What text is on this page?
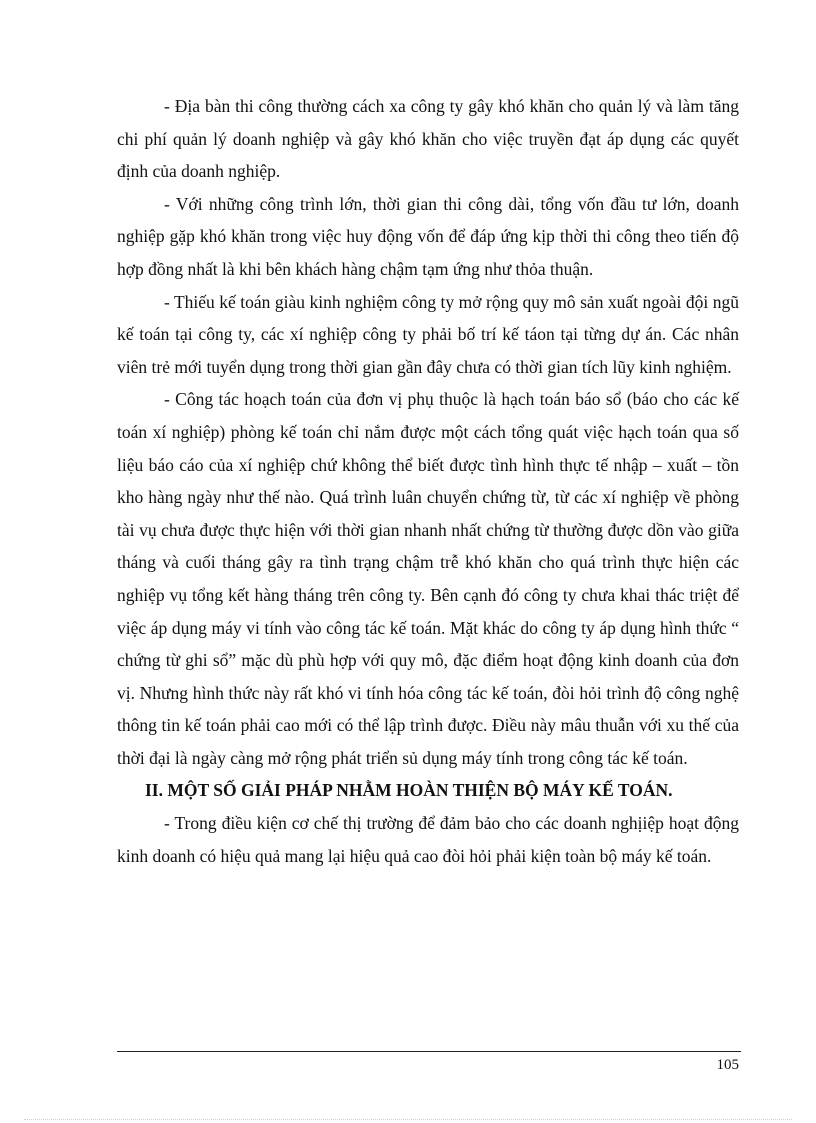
- Địa bàn thi công thường cách xa công ty gây khó khăn cho quản lý và làm tăng chi phí quản lý doanh nghiệp và gây khó khăn cho việc truyền đạt áp dụng các quyết định của doanh nghiệp.

- Với những công trình lớn, thời gian thi công dài, tổng vốn đầu tư lớn, doanh nghiệp gặp khó khăn trong việc huy động vốn để đáp ứng kịp thời thi công theo tiến độ hợp đồng nhất là khi bên khách hàng chậm tạm ứng như thỏa thuận.

- Thiếu kế toán giàu kinh nghiệm công ty mở rộng quy mô sản xuất ngoài đội ngũ kế toán tại công ty, các xí nghiệp công ty phải bố trí kế táon tại từng dự án. Các nhân viên trẻ mới tuyển dụng trong thời gian gần đây chưa có thời gian tích lũy kinh nghiệm.

- Công tác hoạch toán của đơn vị phụ thuộc là hạch toán báo sổ (báo cho các kế toán xí nghiệp) phòng kế toán chỉ nắm được một cách tổng quát việc hạch toán qua số liệu báo cáo của xí nghiệp chứ không thể biết được tình hình thực tế nhập – xuất – tồn kho hàng ngày như thế nào. Quá trình luân chuyển chứng từ, từ các xí nghiệp về phòng tài vụ chưa được thực hiện với thời gian nhanh nhất chứng từ thường được dồn vào giữa tháng và cuối tháng gây ra tình trạng chậm trễ khó khăn cho quá trình thực hiện các nghiệp vụ tổng kết hàng tháng trên công ty. Bên cạnh đó công ty chưa khai thác triệt để việc áp dụng máy vi tính vào công tác kế toán. Mặt khác do công ty áp dụng hình thức “ chứng từ ghi sổ” mặc dù phù hợp với quy mô, đặc điểm hoạt động kinh doanh của đơn vị. Nhưng hình thức này rất khó vi tính hóa công tác kế toán, đòi hỏi trình độ công nghệ thông tin kế toán phải cao mới có thể lập trình được. Điều này mâu thuẫn với xu thế của thời đại là ngày càng mở rộng phát triển sủ dụng máy tính trong công tác kế toán.

II. MỘT SỐ GIẢI PHÁP NHẰM HOÀN THIỆN BỘ MÁY KẾ TOÁN.

- Trong điều kiện cơ chế thị trường để đảm bảo cho các doanh nghịiệp hoạt động kinh doanh có hiệu quả mang lại hiệu quả cao đòi hỏi phải kiện toàn bộ máy kế toán.

105
